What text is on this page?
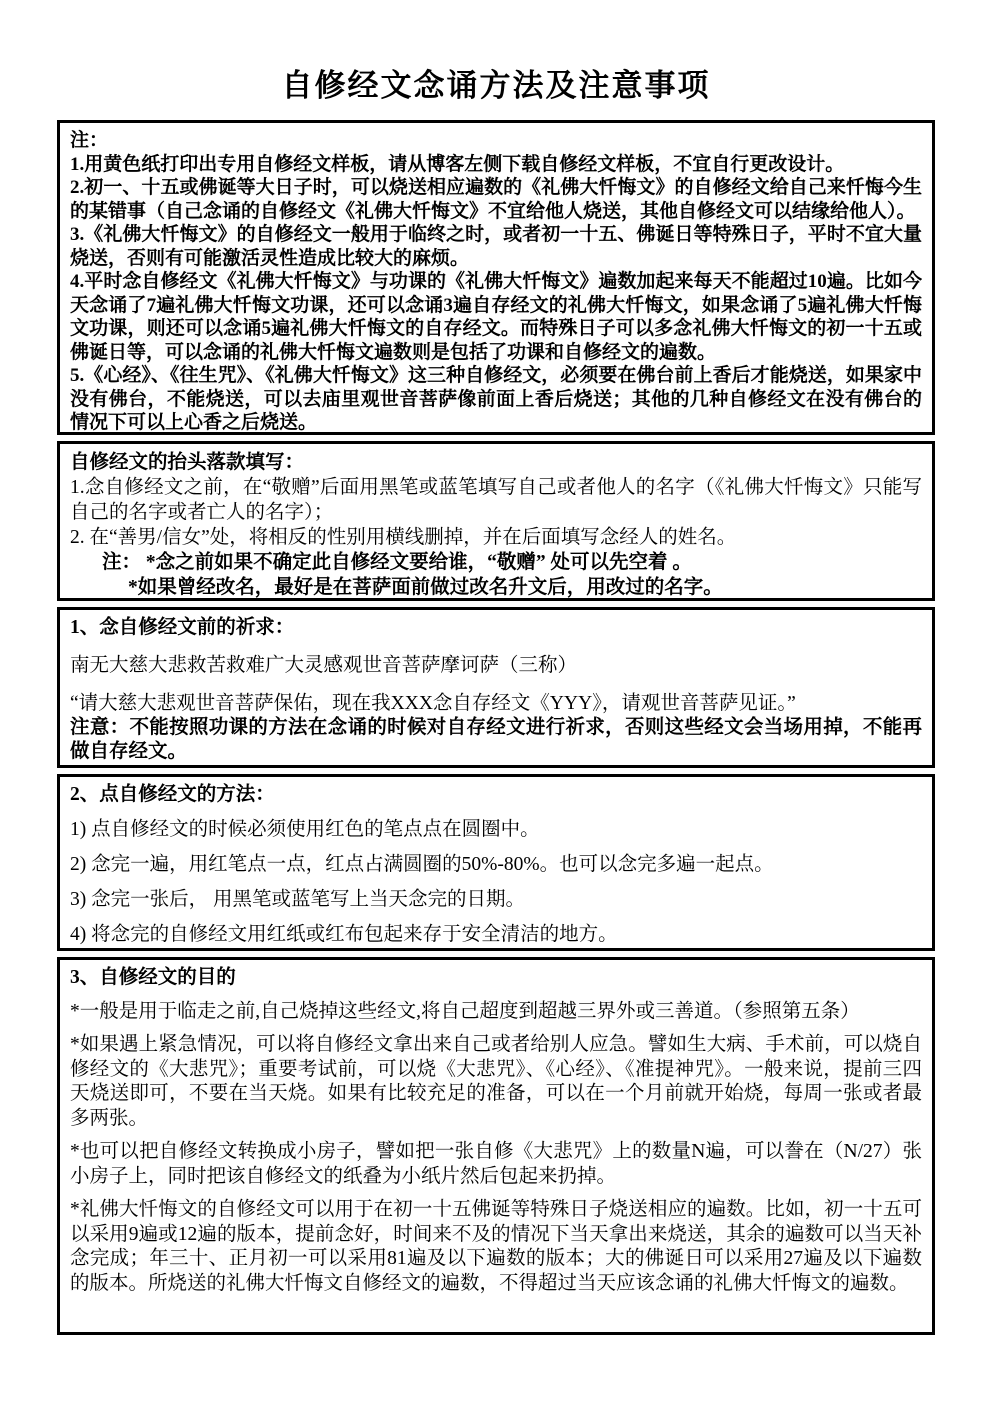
自修经文念诵方法及注意事项

注：

1.用黄色纸打印出专用自修经文样板，请从博客左侧下载自修经文样板，不宜自行更改设计。

2.初一、十五或佛诞等大日子时，可以烧送相应遍数的《礼佛大忏悔文》的自修经文给自己来忏悔今生的某错事（自己念诵的自修经文《礼佛大忏悔文》不宜给他人烧送，其他自修经文可以结缘给他人）。

3.《礼佛大忏悔文》的自修经文一般用于临终之时，或者初一十五、佛诞日等特殊日子，平时不宜大量烧送，否则有可能激活灵性造成比较大的麻烦。

4.平时念自修经文《礼佛大忏悔文》与功课的《礼佛大忏悔文》遍数加起来每天不能超过10遍。比如今天念诵了7遍礼佛大忏悔文功课，还可以念诵3遍自存经文的礼佛大忏悔文，如果念诵了5遍礼佛大忏悔文功课，则还可以念诵5遍礼佛大忏悔文的自存经文。而特殊日子可以多念礼佛大忏悔文的初一十五或佛诞日等，可以念诵的礼佛大忏悔文遍数则是包括了功课和自修经文的遍数。

5.《心经》、《往生咒》、《礼佛大忏悔文》这三种自修经文，必须要在佛台前上香后才能烧送，如果家中没有佛台，不能烧送，可以去庙里观世音菩萨像前面上香后烧送；其他的几种自修经文在没有佛台的情况下可以上心香之后烧送。

自修经文的抬头落款填写：

1.念自修经文之前，在“敬赠”后面用黑笔或蓝笔填写自己或者他人的名字（《礼佛大忏悔文》只能写自己的名字或者亡人的名字）；

2. 在“善男/信女”处，将相反的性别用横线删掉，并在后面填写念经人的姓名。

注： *念之前如果不确定此自修经文要给谁，“敬赠” 处可以先空着 。

*如果曾经改名，最好是在菩萨面前做过改名升文后，用改过的名字。

1、念自修经文前的祈求：

南无大慈大悲救苦救难广大灵感观世音菩萨摩诃萨（三称）

“请大慈大悲观世音菩萨保佑，现在我XXX念自存经文《YYY》，请观世音菩萨见证。”

注意：不能按照功课的方法在念诵的时候对自存经文进行祈求，否则这些经文会当场用掉，不能再做自存经文。

2、点自修经文的方法：

1) 点自修经文的时候必须使用红色的笔点点在圆圈中。

2) 念完一遍，用红笔点一点，红点占满圆圈的50%-80%。也可以念完多遍一起点。

3) 念完一张后， 用黑笔或蓝笔写上当天念完的日期。

4) 将念完的自修经文用红纸或红布包起来存于安全清洁的地方。

3、自修经文的目的

*一般是用于临走之前,自己烧掉这些经文,将自己超度到超越三界外或三善道。（参照第五条）

*如果遇上紧急情况，可以将自修经文拿出来自己或者给别人应急。譬如生大病、手术前，可以烧自修经文的《大悲咒》；重要考试前，可以烧《大悲咒》、《心经》、《准提神咒》。一般来说，提前三四天烧送即可，不要在当天烧。如果有比较充足的准备，可以在一个月前就开始烧，每周一张或者最多两张。

*也可以把自修经文转换成小房子，譬如把一张自修《大悲咒》上的数量N遍，可以誊在（N/27）张小房子上，同时把该自修经文的纸叠为小纸片然后包起来扔掉。

*礼佛大忏悔文的自修经文可以用于在初一十五佛诞等特殊日子烧送相应的遍数。比如，初一十五可以采用9遍或12遍的版本，提前念好，时间来不及的情况下当天拿出来烧送，其余的遍数可以当天补念完成；年三十、正月初一可以采用81遍及以下遍数的版本；大的佛诞日可以采用27遍及以下遍数的版本。所烧送的礼佛大忏悔文自修经文的遍数，不得超过当天应该念诵的礼佛大忏悔文的遍数。
